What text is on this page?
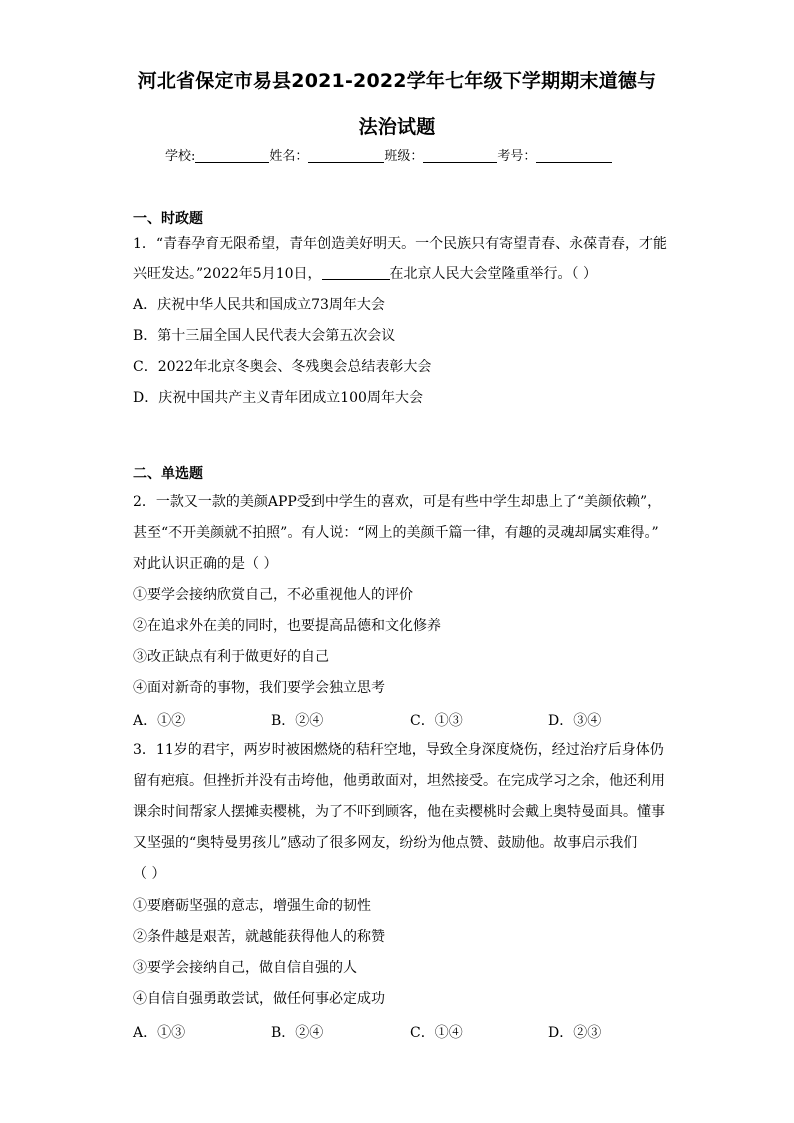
河北省保定市易县2021-2022学年七年级下学期期末道德与
法治试题
学校:	姓名：	班级：	考号：
一、时政题
1．“青春孕育无限希望，青年创造美好明天。一个民族只有寄望青春、永葆青春，才能
兴旺发达。”2022年5月10日，	在北京人民大会堂隆重举行。（ ）
A．庆祝中华人民共和国成立73周年大会
B．第十三届全国人民代表大会第五次会议
C．2022年北京冬奥会、冬残奥会总结表彰大会
D．庆祝中国共产主义青年团成立100周年大会
二、单选题
2．一款又一款的美颜APP受到中学生的喜欢，可是有些中学生却患上了“美颜依赖”，
甚至“不开美颜就不拍照”。有人说：“网上的美颜千篇一律，有趣的灵魂却属实难得。”
对此认识正确的是（ ）
①要学会接纳欣赏自己，不必重视他人的评价
②在追求外在美的同时，也要提高品德和文化修养
③改正缺点有利于做更好的自己
④面对新奇的事物，我们要学会独立思考
A．①②	B．②④	C．①③	D．③④
3．11岁的君宇，两岁时被困燃烧的秸秆空地，导致全身深度烧伤，经过治疗后身体仍
留有疤痕。但挫折并没有击垮他，他勇敢面对，坦然接受。在完成学习之余，他还利用
课余时间帮家人摆摊卖樱桃，为了不吓到顾客，他在卖樱桃时会戴上奥特曼面具。懂事
又坚强的“奥特曼男孩儿”感动了很多网友，纷纷为他点赞、鼓励他。故事启示我们
（ ）
①要磨砺坚强的意志，增强生命的韧性
②条件越是艰苦，就越能获得他人的称赞
③要学会接纳自己，做自信自强的人
④自信自强勇敢尝试，做任何事必定成功
A．①③	B．②④	C．①④	D．②③
